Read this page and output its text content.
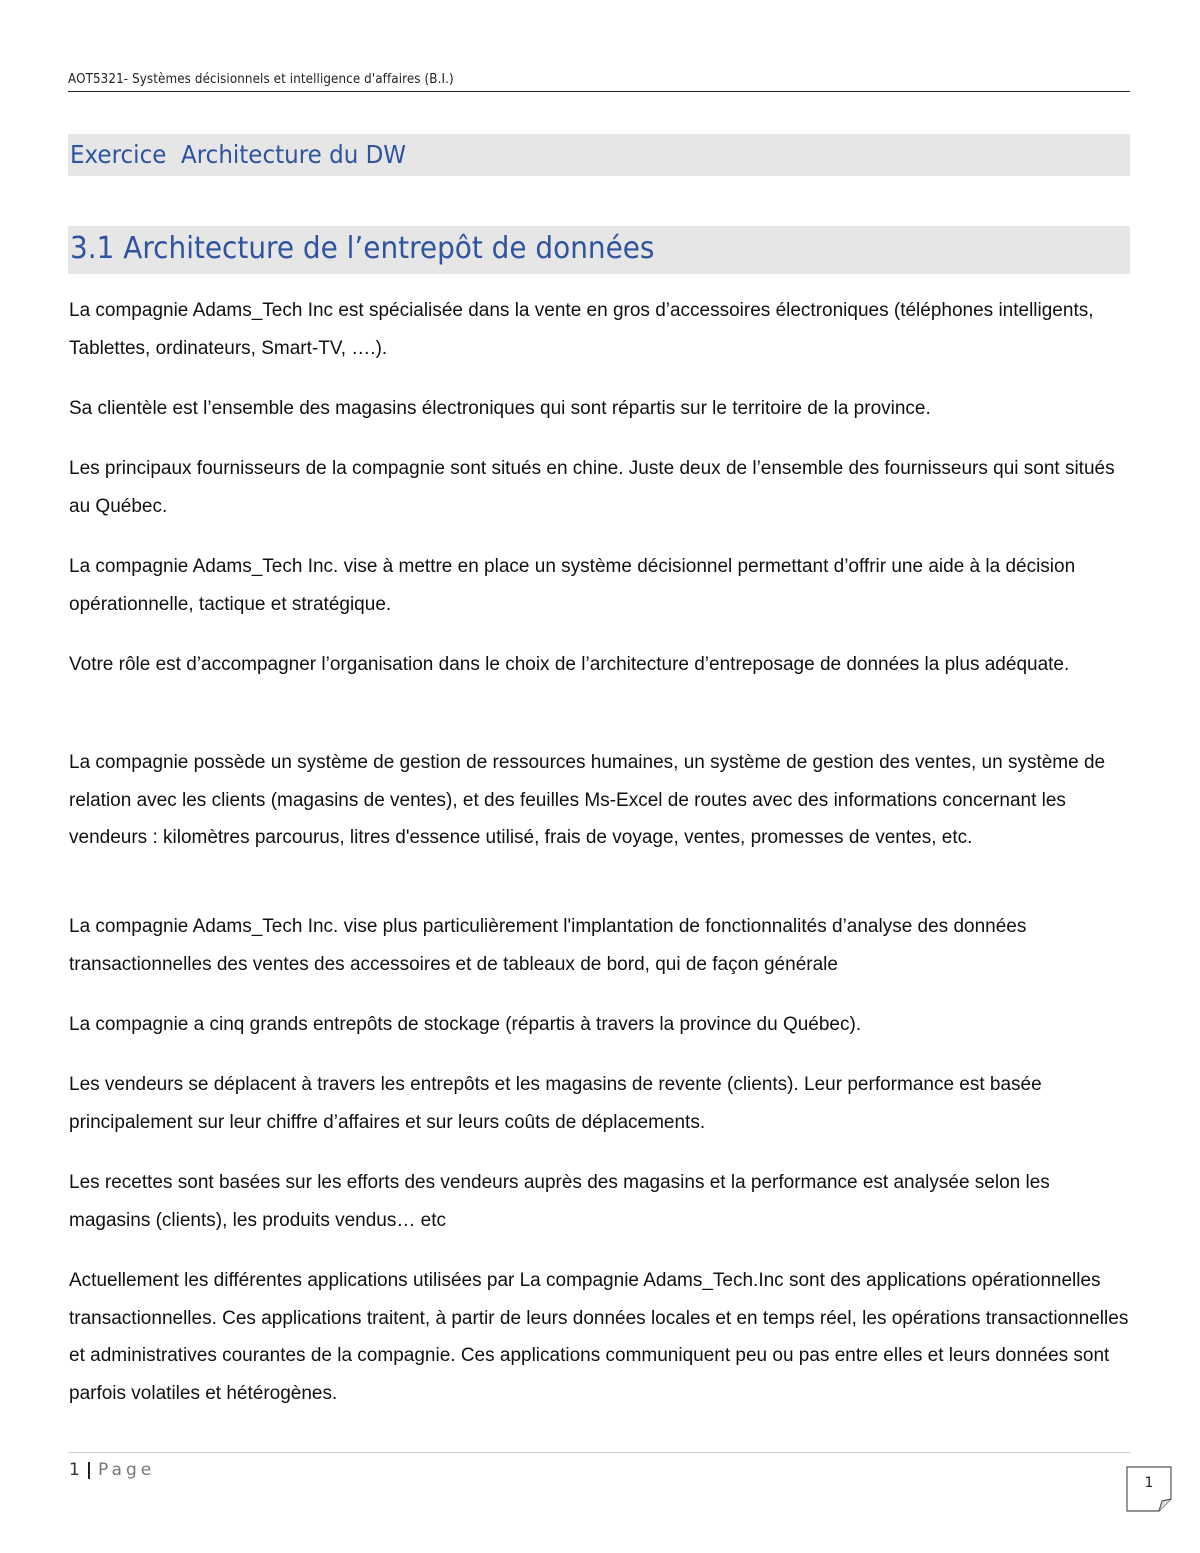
AOT5321- Systèmes décisionnels et intelligence d'affaires (B.I.)
Exercice  Architecture du DW
3.1 Architecture de l’entrepôt de données

La compagnie Adams_Tech Inc est spécialisée dans la vente en gros d’accessoires électroniques (téléphones intelligents, Tablettes, ordinateurs, Smart-TV, ….).

Sa clientèle est l’ensemble des magasins électroniques qui sont répartis sur le territoire de la province.

Les principaux fournisseurs de la compagnie sont situés en chine. Juste deux de l’ensemble des fournisseurs qui sont situés au Québec.

La compagnie Adams_Tech Inc. vise à mettre en place un système décisionnel permettant d’offrir une aide à la décision opérationnelle, tactique et stratégique.

Votre rôle est d’accompagner l’organisation dans le choix de l’architecture d’entreposage de données la plus adéquate.

La compagnie possède un système de gestion de ressources humaines, un système de gestion des ventes, un système de relation avec les clients (magasins de ventes), et des feuilles Ms-Excel de routes avec des informations concernant les vendeurs : kilomètres parcourus, litres d'essence utilisé, frais de voyage, ventes, promesses de ventes, etc.

La compagnie Adams_Tech Inc. vise plus particulièrement l'implantation de fonctionnalités d’analyse des données transactionnelles des ventes des accessoires et de tableaux de bord, qui de façon générale

La compagnie a cinq grands entrepôts de stockage (répartis à travers la province du Québec).

Les vendeurs se déplacent à travers les entrepôts et les magasins de revente (clients). Leur performance est basée principalement sur leur chiffre d’affaires et sur leurs coûts de déplacements.

Les recettes sont basées sur les efforts des vendeurs auprès des magasins et la performance est analysée selon les magasins (clients), les produits vendus… etc

Actuellement les différentes applications utilisées par La compagnie Adams_Tech.Inc sont des applications opérationnelles transactionnelles. Ces applications traitent, à partir de leurs données locales et en temps réel, les opérations transactionnelles et administratives courantes de la compagnie. Ces applications communiquent peu ou pas entre elles et leurs données sont parfois volatiles et hétérogènes.

1 | Page
1
